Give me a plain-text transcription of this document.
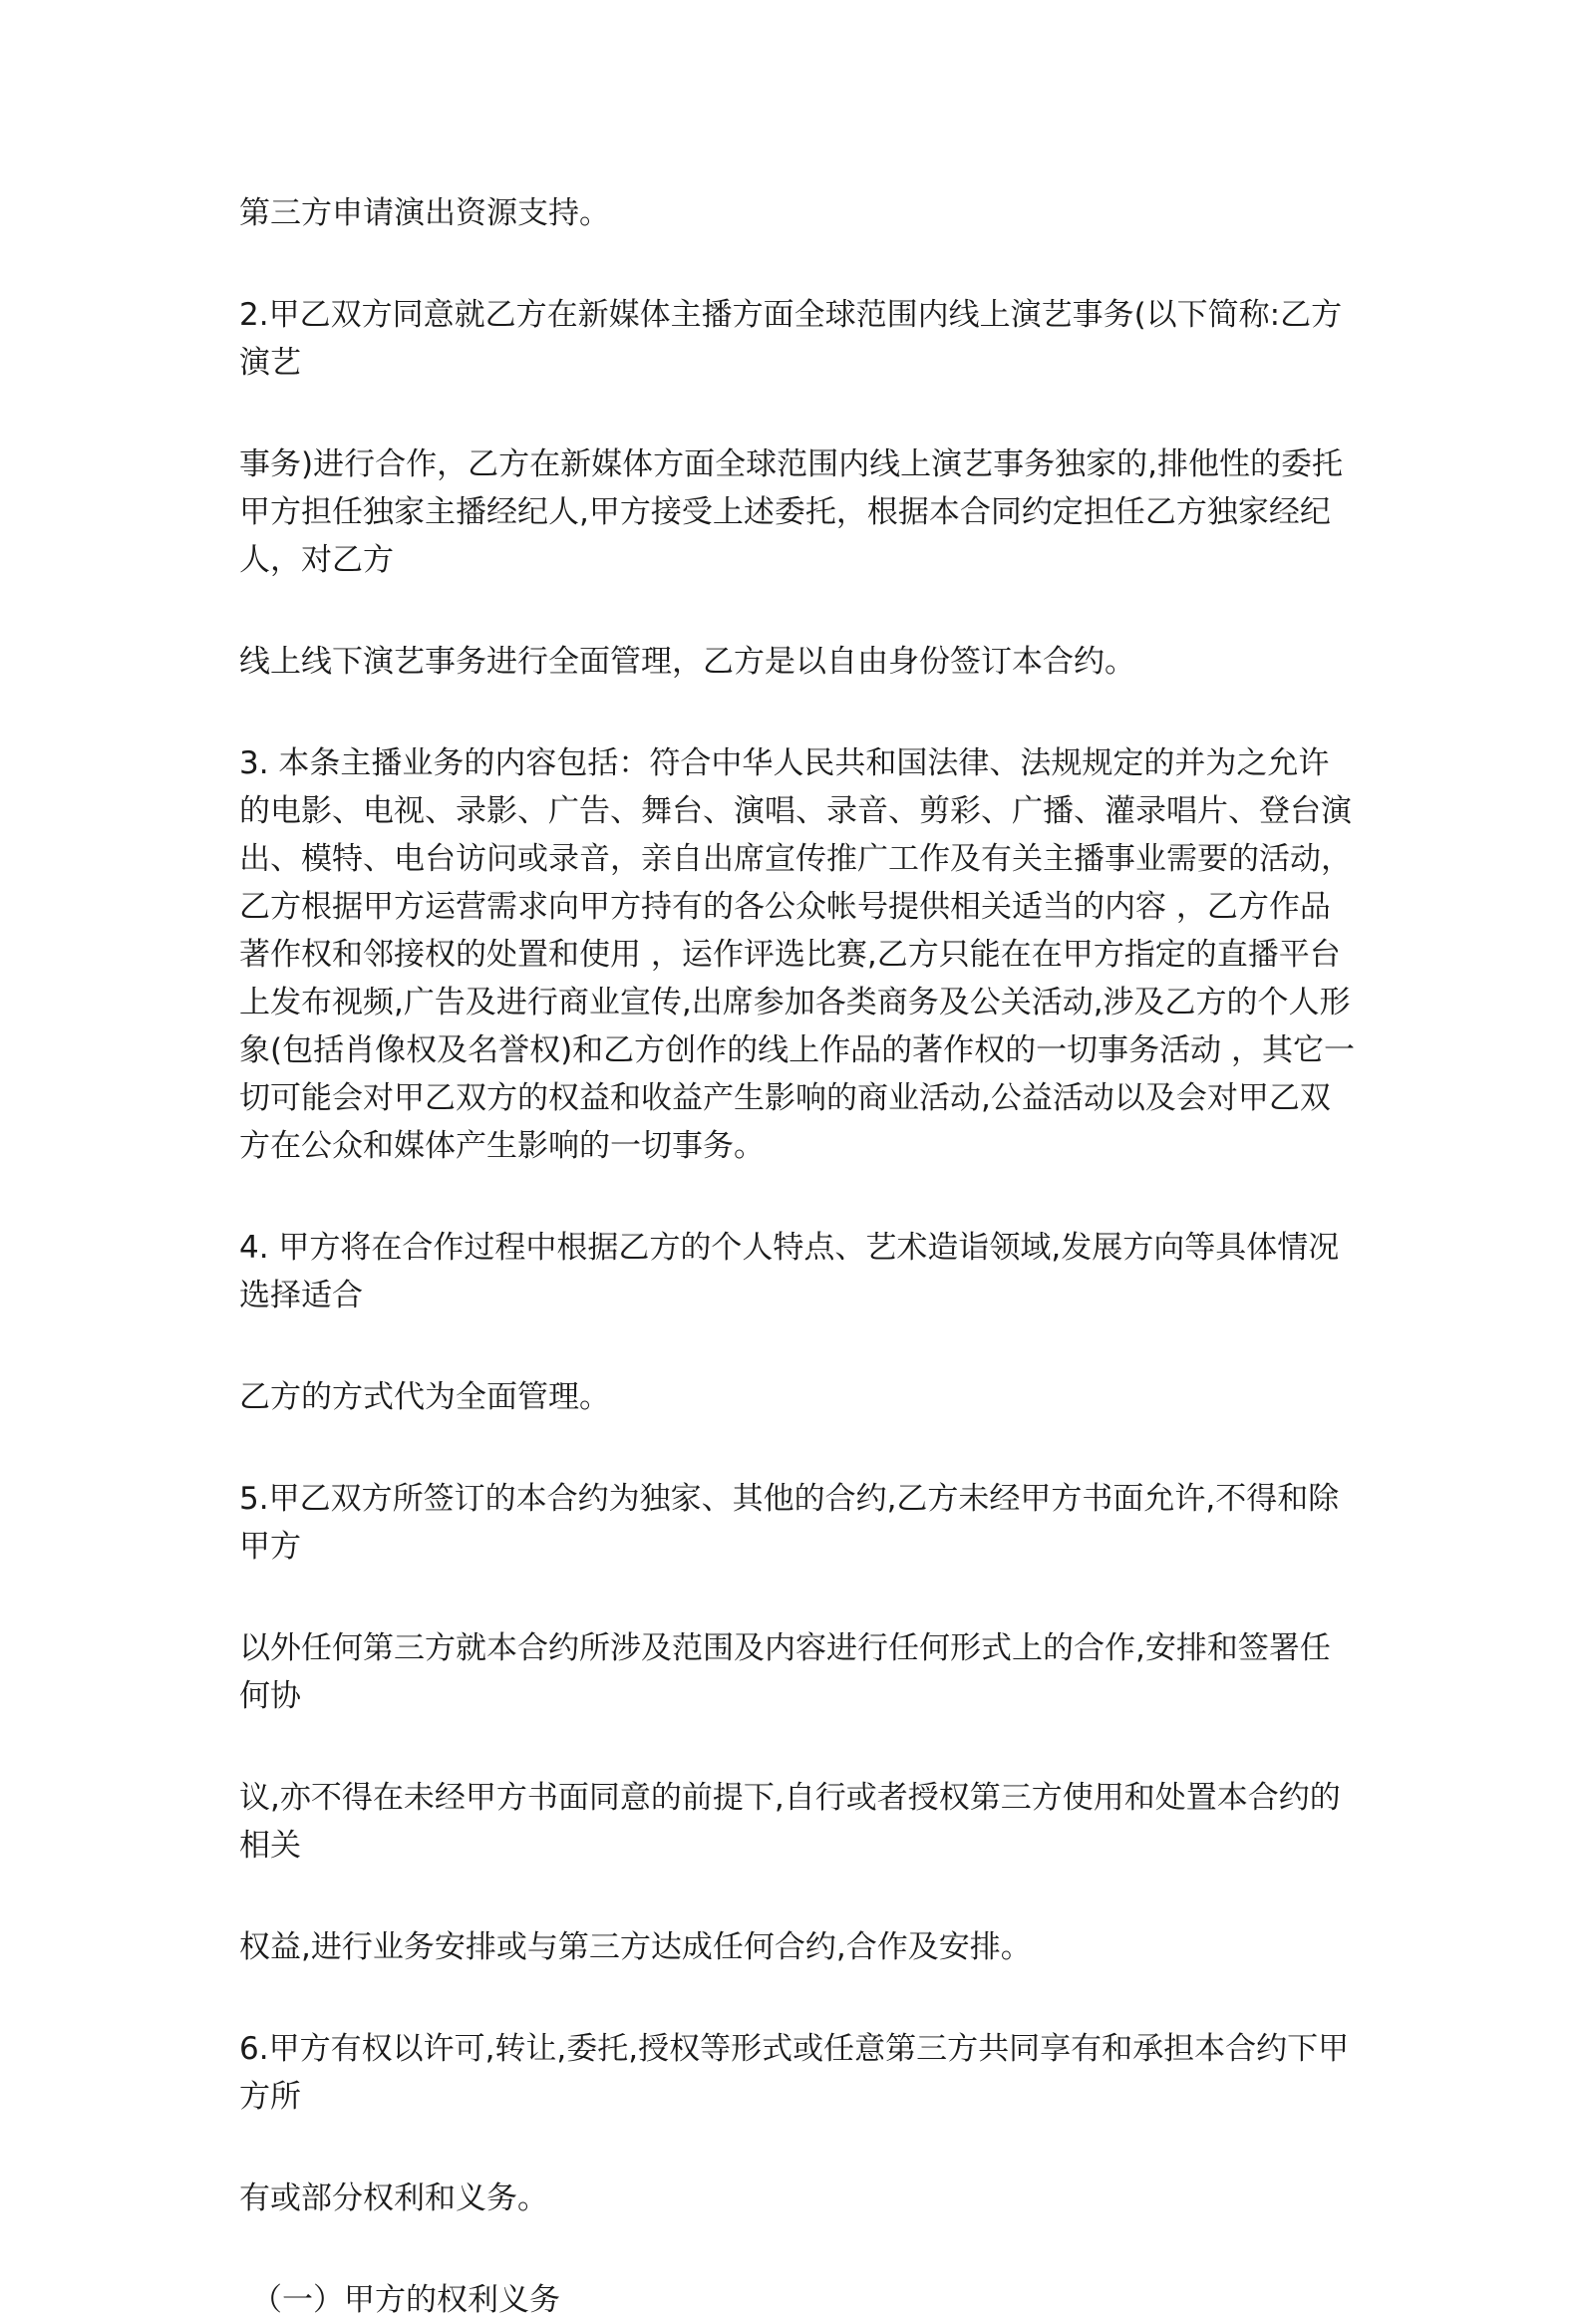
第三方申请演出资源支持。

2.甲乙双方同意就乙方在新媒体主播方面全球范围内线上演艺事务(以下简称:乙方演艺

事务)进行合作，乙方在新媒体方面全球范围内线上演艺事务独家的,排他性的委托甲方担任独家主播经纪人,甲方接受上述委托，根据本合同约定担任乙方独家经纪人，对乙方

线上线下演艺事务进行全面管理，乙方是以自由身份签订本合约。

3. 本条主播业务的内容包括：符合中华人民共和国法律、法规规定的并为之允许的电影、电视、录影、广告、舞台、演唱、录音、剪彩、广播、灌录唱片、登台演出、模特、电台访问或录音，亲自出席宣传推广工作及有关主播事业需要的活动，乙方根据甲方运营需求向甲方持有的各公众帐号提供相关适当的内容 ，乙方作品著作权和邻接权的处置和使用 ，运作评选比赛,乙方只能在在甲方指定的直播平台上发布视频,广告及进行商业宣传,出席参加各类商务及公关活动,涉及乙方的个人形象(包括肖像权及名誉权)和乙方创作的线上作品的著作权的一切事务活动 ，其它一切可能会对甲乙双方的权益和收益产生影响的商业活动,公益活动以及会对甲乙双方在公众和媒体产生影响的一切事务。

4. 甲方将在合作过程中根据乙方的个人特点、艺术造诣领域,发展方向等具体情况选择适合

乙方的方式代为全面管理。

5.甲乙双方所签订的本合约为独家、其他的合约,乙方未经甲方书面允许,不得和除甲方

以外任何第三方就本合约所涉及范围及内容进行任何形式上的合作,安排和签署任何协

议,亦不得在未经甲方书面同意的前提下,自行或者授权第三方使用和处置本合约的相关

权益,进行业务安排或与第三方达成任何合约,合作及安排。

6.甲方有权以许可,转让,委托,授权等形式或任意第三方共同享有和承担本合约下甲方所

有或部分权利和义务。

（一）甲方的权利义务
